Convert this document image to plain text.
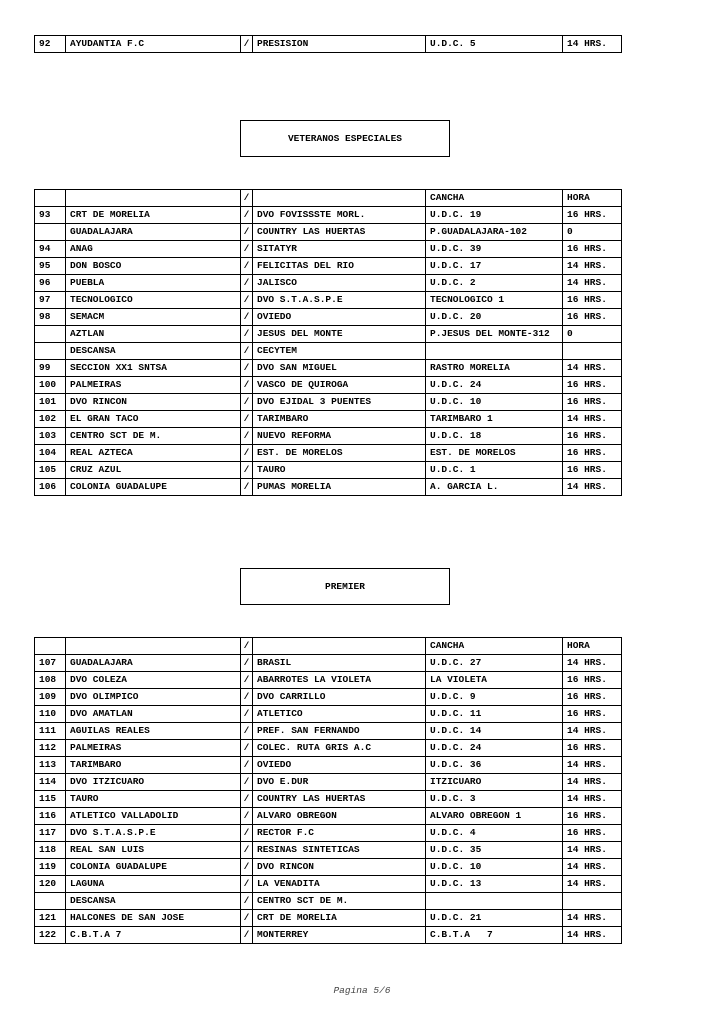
92	AYUDANTIA F.C	/	PRESISION	U.D.C. 5	14 HRS.
VETERANOS ESPECIALES
		/		CANCHA	HORA
93	CRT DE MORELIA	/	DVO FOVISSSTE MORL.	U.D.C. 19	16 HRS.
	GUADALAJARA	/	COUNTRY LAS HUERTAS	P.GUADALAJARA-102	0
94	ANAG	/	SITATYR	U.D.C. 39	16 HRS.
95	DON BOSCO	/	FELICITAS DEL RIO	U.D.C. 17	14 HRS.
96	PUEBLA	/	JALISCO	U.D.C. 2	14 HRS.
97	TECNOLOGICO	/	DVO S.T.A.S.P.E	TECNOLOGICO 1	16 HRS.
98	SEMACM	/	OVIEDO	U.D.C. 20	16 HRS.
	AZTLAN	/	JESUS DEL MONTE	P.JESUS DEL MONTE-312	0
	DESCANSA	/	CECYTEM		
99	SECCION XX1 SNTSA	/	DVO SAN MIGUEL	RASTRO MORELIA	14 HRS.
100	PALMEIRAS	/	VASCO DE QUIROGA	U.D.C. 24	16 HRS.
101	DVO RINCON	/	DVO EJIDAL 3 PUENTES	U.D.C. 10	16 HRS.
102	EL GRAN TACO	/	TARIMBARO	TARIMBARO 1	14 HRS.
103	CENTRO SCT DE M.	/	NUEVO REFORMA	U.D.C. 18	16 HRS.
104	REAL AZTECA	/	EST. DE MORELOS	EST. DE MORELOS	16 HRS.
105	CRUZ AZUL	/	TAURO	U.D.C. 1	16 HRS.
106	COLONIA GUADALUPE	/	PUMAS MORELIA	A. GARCIA L.	14 HRS.
PREMIER
		/		CANCHA	HORA
107	GUADALAJARA	/	BRASIL	U.D.C. 27	14 HRS.
108	DVO COLEZA	/	ABARROTES LA VIOLETA	LA VIOLETA	16 HRS.
109	DVO OLIMPICO	/	DVO CARRILLO	U.D.C. 9	16 HRS.
110	DVO AMATLAN	/	ATLETICO	U.D.C. 11	16 HRS.
111	AGUILAS REALES	/	PREF. SAN FERNANDO	U.D.C. 14	14 HRS.
112	PALMEIRAS	/	COLEC. RUTA GRIS A.C	U.D.C. 24	16 HRS.
113	TARIMBARO	/	OVIEDO	U.D.C. 36	14 HRS.
114	DVO ITZICUARO	/	DVO E.DUR	ITZICUARO	14 HRS.
115	TAURO	/	COUNTRY LAS HUERTAS	U.D.C. 3	14 HRS.
116	ATLETICO VALLADOLID	/	ALVARO OBREGON	ALVARO OBREGON 1	16 HRS.
117	DVO S.T.A.S.P.E	/	RECTOR F.C	U.D.C. 4	16 HRS.
118	REAL SAN LUIS	/	RESINAS SINTETICAS	U.D.C. 35	14 HRS.
119	COLONIA GUADALUPE	/	DVO RINCON	U.D.C. 10	14 HRS.
120	LAGUNA	/	LA VENADITA	U.D.C. 13	14 HRS.
	DESCANSA	/	CENTRO SCT DE M.		
121	HALCONES DE SAN JOSE	/	CRT DE MORELIA	U.D.C. 21	14 HRS.
122	C.B.T.A 7	/	MONTERREY	C.B.T.A   7	14 HRS.
Pagina 5/6
